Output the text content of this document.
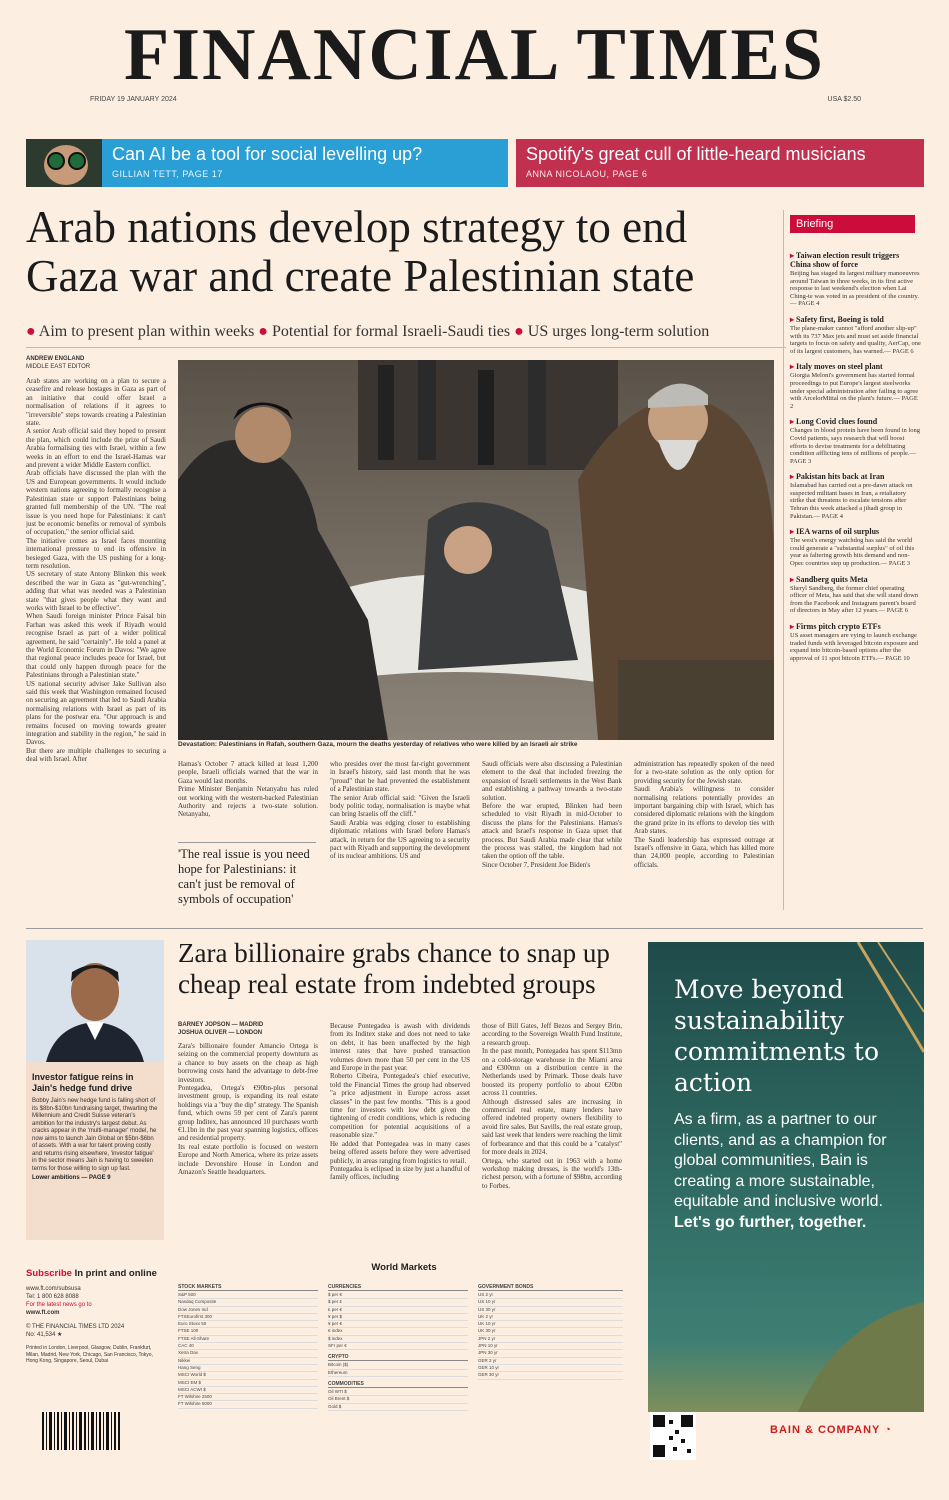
FINANCIAL TIMES
FRIDAY 19 JANUARY 2024	USA $2.50
Can AI be a tool for social levelling up?
GILLIAN TETT, PAGE 17
Spotify's great cull of little-heard musicians
ANNA NICOLAOU, PAGE 6
Arab nations develop strategy to end Gaza war and create Palestinian state
● Aim to present plan within weeks ● Potential for formal Israeli-Saudi ties ● US urges long-term solution
ANDREW ENGLAND
MIDDLE EAST EDITOR
Arab states are working on a plan to secure a ceasefire and release hostages in Gaza as part of an initiative that could offer Israel a normalisation of relations if it agrees to "irreversible" steps towards creating a Palestinian state.
A senior Arab official said they hoped to present the plan, which could include the prize of Saudi Arabia formalising ties with Israel, within a few weeks in an effort to end the Israel-Hamas war and prevent a wider Middle Eastern conflict.
Arab officials have discussed the plan with the US and European governments. It would include western nations agreeing to formally recognise a Palestinian state or support Palestinians being granted full membership of the UN. "The real issue is you need hope for Palestinians: it can't just be economic benefits or removal of symbols of occupation," the senior official said.
The initiative comes as Israel faces mounting international pressure to end its offensive in besieged Gaza, with the US pushing for a long-term resolution.
US secretary of state Antony Blinken this week described the war in Gaza as "gut-wrenching", adding that what was needed was a Palestinian state "that gives people what they want and works with Israel to be effective".
When Saudi foreign minister Prince Faisal bin Farhan was asked this week if Riyadh would recognise Israel as part of a wider political agreement, he said "certainly". He told a panel at the World Economic Forum in Davos: "We agree that regional peace includes peace for Israel, but that could only happen through peace for the Palestinians through a Palestinian state."
US national security adviser Jake Sullivan also said this week that Washington remained focused on securing an agreement that led to Saudi Arabia normalising relations with Israel as part of its plans for the postwar era. "Our approach is and remains focused on moving towards greater integration and stability in the region," he said in Davos.
But there are multiple challenges to securing a deal with Israel. After
Devastation: Palestinians in Rafah, southern Gaza, mourn the deaths yesterday of relatives who were killed by an Israeli air strike
Hamas's October 7 attack killed at least 1,200 people, Israeli officials warned that the war in Gaza would last months.
Prime Minister Benjamin Netanyahu has ruled out working with the western-backed Palestinian Authority and rejects a two-state solution. Netanyahu,
'The real issue is you need hope for Palestinians: it can't just be removal of symbols of occupation'
who presides over the most far-right government in Israel's history, said last month that he was "proud" that he had prevented the establishment of a Palestinian state.
The senior Arab official said: "Given the Israeli body politic today, normalisation is maybe what can bring Israelis off the cliff."
Saudi Arabia was edging closer to establishing diplomatic relations with Israel before Hamas's attack, in return for the US agreeing to a security pact with Riyadh and supporting the development of its nuclear ambitions. US and
Saudi officials were also discussing a Palestinian element to the deal that included freezing the expansion of Israeli settlements in the West Bank and establishing a pathway towards a two-state solution.
Before the war erupted, Blinken had been scheduled to visit Riyadh in mid-October to discuss the plans for the Palestinians. Hamas's attack and Israel's response in Gaza upset that process. But Saudi Arabia made clear that while the process was stalled, the kingdom had not taken the option off the table.
Since October 7, President Joe Biden's
administration has repeatedly spoken of the need for a two-state solution as the only option for providing security for the Jewish state.
Saudi Arabia's willingness to consider normalising relations potentially provides an important bargaining chip with Israel, which has considered diplomatic relations with the kingdom the grand prize in its efforts to develop ties with Arab states.
The Saudi leadership has expressed outrage at Israel's offensive in Gaza, which has killed more than 24,000 people, according to Palestinian officials.
Briefing
▸ Taiwan election result triggers China show of force
Beijing has staged its largest military manoeuvres around Taiwan in three weeks, in its first active response to last weekend's election when Lai Ching-te was voted in as president of the country.— PAGE 4
▸ Safety first, Boeing is told
The plane-maker cannot "afford another slip-up" with its 737 Max jets and must set aside financial targets to focus on safety and quality, AerCap, one of its largest customers, has warned.— PAGE 6
▸ Italy moves on steel plant
Giorgia Meloni's government has started formal proceedings to put Europe's largest steelworks under special administration after failing to agree with ArcelorMittal on the plant's future.— PAGE 2
▸ Long Covid clues found
Changes in blood protein have been found in long Covid patients, says research that will boost efforts to devise treatments for a debilitating condition afflicting tens of millions of people.— PAGE 3
▸ Pakistan hits back at Iran
Islamabad has carried out a pre-dawn attack on suspected militant bases in Iran, a retaliatory strike that threatens to escalate tensions after Tehran this week attacked a jihadi group in Pakistan.— PAGE 4
▸ IEA warns of oil surplus
The west's energy watchdog has said the world could generate a "substantial surplus" of oil this year as faltering growth hits demand and non-Opec countries step up production.— PAGE 3
▸ Sandberg quits Meta
Sheryl Sandberg, the former chief operating officer of Meta, has said that she will stand down from the Facebook and Instagram parent's board of directors in May after 12 years.— PAGE 6
▸ Firms pitch crypto ETFs
US asset managers are vying to launch exchange traded funds with leveraged bitcoin exposure and expand into bitcoin-based options after the approval of 11 spot bitcoin ETFs.— PAGE 10
Investor fatigue reins in Jain's hedge fund drive
Bobby Jain's new hedge fund is falling short of its $8bn-$10bn fundraising target, thwarting the Millennium and Credit Suisse veteran's ambition for the industry's largest debut. As cracks appear in the 'multi-manager' model, he now aims to launch Jain Global on $5bn-$6bn of assets. With a war for talent proving costly and returns rising elsewhere, 'investor fatigue' in the sector means Jain is having to sweeten terms for those willing to sign up fast.
Lower ambitions — PAGE 9
Zara billionaire grabs chance to snap up cheap real estate from indebted groups
BARNEY JOPSON — MADRID
JOSHUA OLIVER — LONDON
Zara's billionaire founder Amancio Ortega is seizing on the commercial property downturn as a chance to buy assets on the cheap as high borrowing costs hand the advantage to debt-free investors.
Pontegadea, Ortega's €90bn-plus personal investment group, is expanding its real estate holdings via a "buy the dip" strategy. The Spanish fund, which owns 59 per cent of Zara's parent group Inditex, has announced 10 purchases worth €1.1bn in the past year spanning logistics, offices and residential property.
Its real estate portfolio is focused on western Europe and North America, where its prize assets include Devonshire House in London and Amazon's Seattle headquarters.
Because Pontegadea is awash with dividends from its Inditex stake and does not need to take on debt, it has been unaffected by the high interest rates that have pushed transaction volumes down more than 50 per cent in the US and Europe in the past year.
Roberto Cibeira, Pontegadea's chief executive, told the Financial Times the group had observed "a price adjustment in Europe across asset classes" in the past few months. "This is a good time for investors with low debt given the tightening of credit conditions, which is reducing competition for potential acquisitions of a reasonable size."
He added that Pontegadea was in many cases being offered assets before they were advertised publicly, in areas ranging from logistics to retail.
Pontegadea is eclipsed in size by just a handful of family offices, including
those of Bill Gates, Jeff Bezos and Sergey Brin, according to the Sovereign Wealth Fund Institute, a research group.
In the past month, Pontegadea has spent $113mn on a cold-storage warehouse in the Miami area and €300mn on a distribution centre in the Netherlands used by Primark. Those deals have boosted its property portfolio to about €20bn across 11 countries.
Although distressed sales are increasing in commercial real estate, many lenders have offered indebted property owners flexibility to avoid fire sales. But Savills, the real estate group, said last week that lenders were reaching the limit of forbearance and that this could be a "catalyst" for more deals in 2024.
Ortega, who started out in 1963 with a home workshop making dresses, is the world's 13th-richest person, with a fortune of $98bn, according to Forbes.
Subscribe In print and online
www.ft.com/subsusa
Tel: 1 800 628 8088
For the latest news go to
www.ft.com
© THE FINANCIAL TIMES LTD 2024
No: 41,534 ★
Printed in London, Liverpool, Glasgow, Dublin, Frankfurt, Milan, Madrid, New York, Chicago, San Francisco, Tokyo, Hong Kong, Singapore, Seoul, Dubai
World Markets
STOCK MARKETS
S&P 500
Nasdaq Composite
Dow Jones Ind
FTSEurofirst 300
Euro Stoxx 50
FTSE 100
FTSE All-Share
CAC 40
Xetra Dax
Nikkei
Hang Seng
MSCI World $
MSCI EM $
MSCI ACWI $
FT Wilshire 2500
FT Wilshire 5000
CURRENCIES
$ per €
$ per £
£ per €
¥ per $
¥ per €
€ index
$ index
SFr per €
CRYPTO
Bitcoin ($)
Ethereum
COMMODITIES
Oil WTI $
Oil Brent $
Gold $
GOVERNMENT BONDS
US 2 yr
US 10 yr
US 30 yr
UK 2 yr
UK 10 yr
UK 30 yr
JPN 2 yr
JPN 10 yr
JPN 30 yr
GER 2 yr
GER 10 yr
GER 30 yr
Move beyond sustainability commitments to action
As a firm, as a partner to our clients, and as a champion for global communities, Bain is creating a more sustainable, equitable and inclusive world. Let's go further, together.
BAIN & COMPANY ◔
